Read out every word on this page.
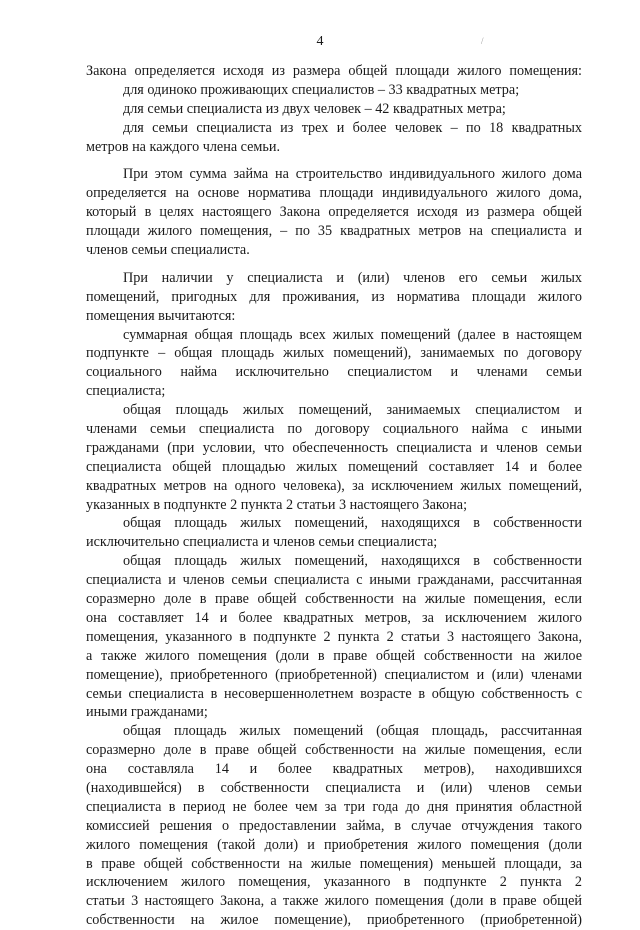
4	/
Закона определяется исходя из размера общей площади жилого помещения:
для одиноко проживающих специалистов – 33 квадратных метра;
для семьи специалиста из двух человек – 42 квадратных метра;
для семьи специалиста из трех и более человек – по 18 квадратных
метров на каждого члена семьи.
При этом сумма займа на строительство индивидуального жилого дома
определяется на основе норматива площади индивидуального жилого дома,
который в целях настоящего Закона определяется исходя из размера общей
площади жилого помещения, – по 35 квадратных метров на специалиста и
членов семьи специалиста.
При наличии у специалиста и (или) членов его семьи жилых
помещений, пригодных для проживания, из норматива площади жилого
помещения вычитаются:
суммарная общая площадь всех жилых помещений (далее в настоящем
подпункте – общая площадь жилых помещений), занимаемых по договору
социального найма исключительно специалистом и членами семьи
специалиста;
общая площадь жилых помещений, занимаемых специалистом и
членами семьи специалиста по договору социального найма с иными
гражданами (при условии, что обеспеченность специалиста и членов семьи
специалиста общей площадью жилых помещений составляет 14 и более
квадратных метров на одного человека), за исключением жилых помещений,
указанных в подпункте 2 пункта 2 статьи 3 настоящего Закона;
общая площадь жилых помещений, находящихся в собственности
исключительно специалиста и членов семьи специалиста;
общая площадь жилых помещений, находящихся в собственности
специалиста и членов семьи специалиста с иными гражданами, рассчитанная
соразмерно доле в праве общей собственности на жилые помещения, если
она составляет 14 и более квадратных метров, за исключением жилого
помещения, указанного в подпункте 2 пункта 2 статьи 3 настоящего Закона,
а также жилого помещения (доли в праве общей собственности на жилое
помещение), приобретенного (приобретенной) специалистом и (или) членами
семьи специалиста в несовершеннолетнем возрасте в общую собственность с
иными гражданами;
общая площадь жилых помещений (общая площадь, рассчитанная
соразмерно доле в праве общей собственности на жилые помещения, если
она составляла 14 и более квадратных метров), находившихся
(находившейся) в собственности специалиста и (или) членов семьи
специалиста в период не более чем за три года до дня принятия областной
комиссией решения о предоставлении займа, в случае отчуждения такого
жилого помещения (такой доли) и приобретения жилого помещения (доли
в праве общей собственности на жилые помещения) меньшей площади, за
исключением жилого помещения, указанного в подпункте 2 пункта 2
статьи 3 настоящего Закона, а также жилого помещения (доли в праве общей
собственности на жилое помещение), приобретенного (приобретенной)
